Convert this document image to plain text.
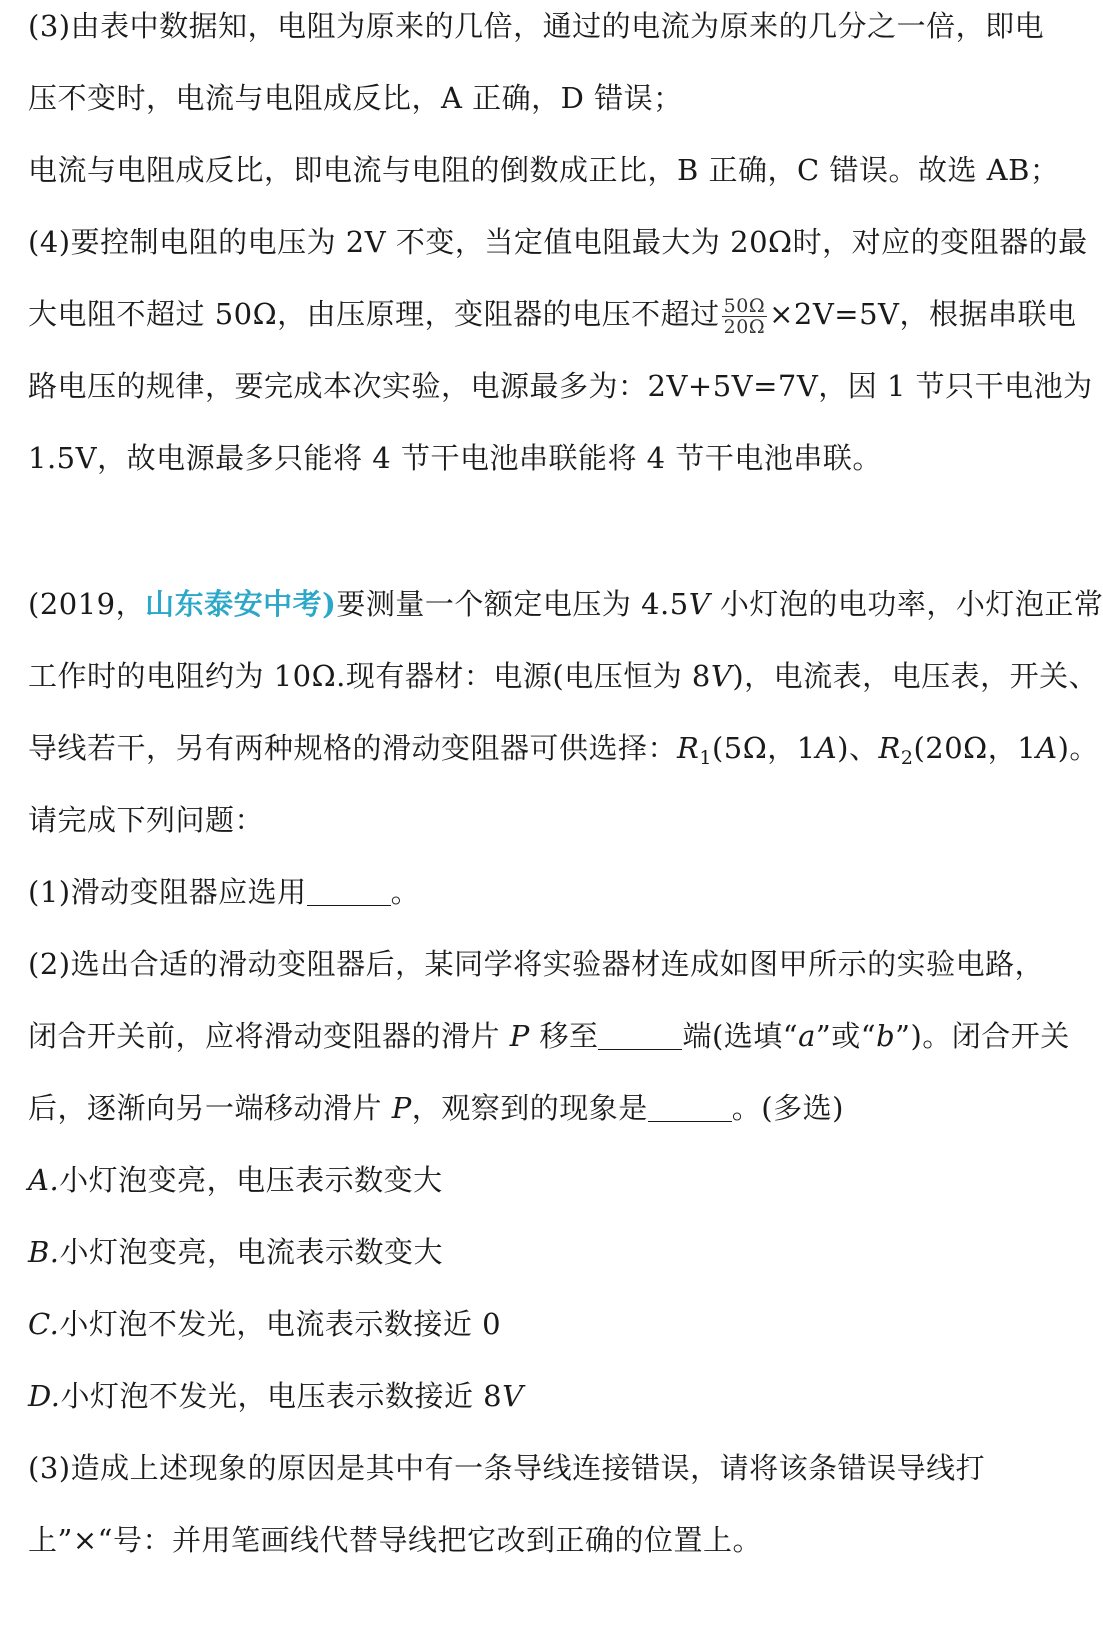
(3)由表中数据知，电阻为原来的几倍，通过的电流为原来的几分之一倍，即电
压不变时，电流与电阻成反比，A 正确，D 错误；
电流与电阻成反比，即电流与电阻的倒数成正比，B 正确，C 错误。故选 AB；
(4)要控制电阻的电压为 2V 不变，当定值电阻最大为 20Ω时，对应的变阻器的最
大电阻不超过 50Ω，由压原理，变阻器的电压不超过 $\frac{50\Omega}{20\Omega} \times 2V=5V$，根据串联电
路电压的规律，要完成本次实验，电源最多为：2V+5V=7V，因 1 节只干电池为
1.5V，故电源最多只能将 4 节干电池串联能将 4 节干电池串联。
(2019，山东泰安中考)要测量一个额定电压为 4.5V 小灯泡的电功率，小灯泡正常
工作时的电阻约为 10Ω.现有器材：电源(电压恒为 8V)，电流表，电压表，开关、
导线若干，另有两种规格的滑动变阻器可供选择：$R_1(5\Omega$，1A)、$R_2(20\Omega$，1A)。
请完成下列问题：
(1)滑动变阻器应选用	。
(2)选出合适的滑动变阻器后，某同学将实验器材连成如图甲所示的实验电路，
闭合开关前，应将滑动变阻器的滑片 P 移至	端(选填“a”或“b”)。闭合开关
后，逐渐向另一端移动滑片 P，观察到的现象是	。(多选)
A.小灯泡变亮，电压表示数变大
B.小灯泡变亮，电流表示数变大
C.小灯泡不发光，电流表示数接近 0
D.小灯泡不发光，电压表示数接近 8V
(3)造成上述现象的原因是其中有一条导线连接错误，请将该条错误导线打
上”×“号：并用笔画线代替导线把它改到正确的位置上。
